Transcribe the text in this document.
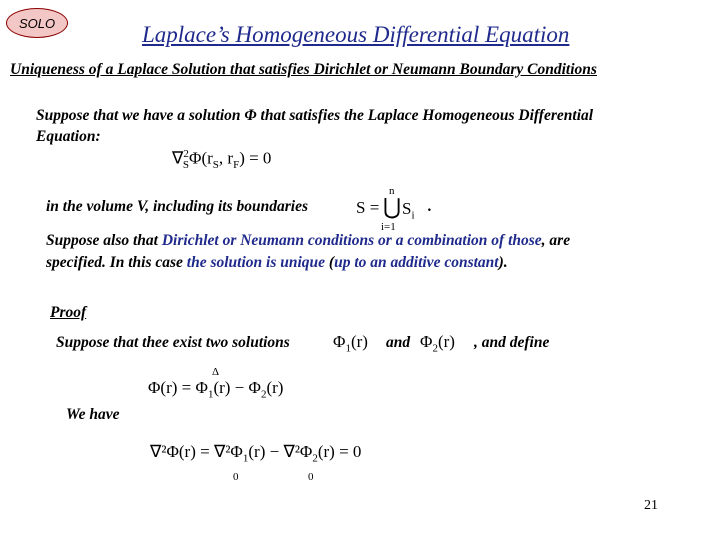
SOLO	Laplace’s Homogeneous Differential Equation
Uniqueness of a Laplace Solution that satisfies Dirichlet or Neumann Boundary Conditions
Suppose that we have a solution Φ that satisfies the Laplace Homogeneous Differential
Equation:
$\nabla^2_S\Phi(r_S$, $r_F) = 0$
in the volume V, including its boundaries	S = ⋃
n
i=1
$S_i$
.
Suppose also that Dirichlet or Neumann conditions or a combination of those, are
specified. In this case the solution is unique (up to an additive constant).
Proof
Suppose that thee exist two solutions	$\Phi_1(r)$ and $\Phi_2(r)$ , and define
Δ
$\Phi(r) = \Phi_1(r) - \Phi_2(r)$
We have
$\nabla^2\Phi(r) = \nabla^2\Phi_1(r) - \nabla^2\Phi_2(r) = 0$
0	0
21
